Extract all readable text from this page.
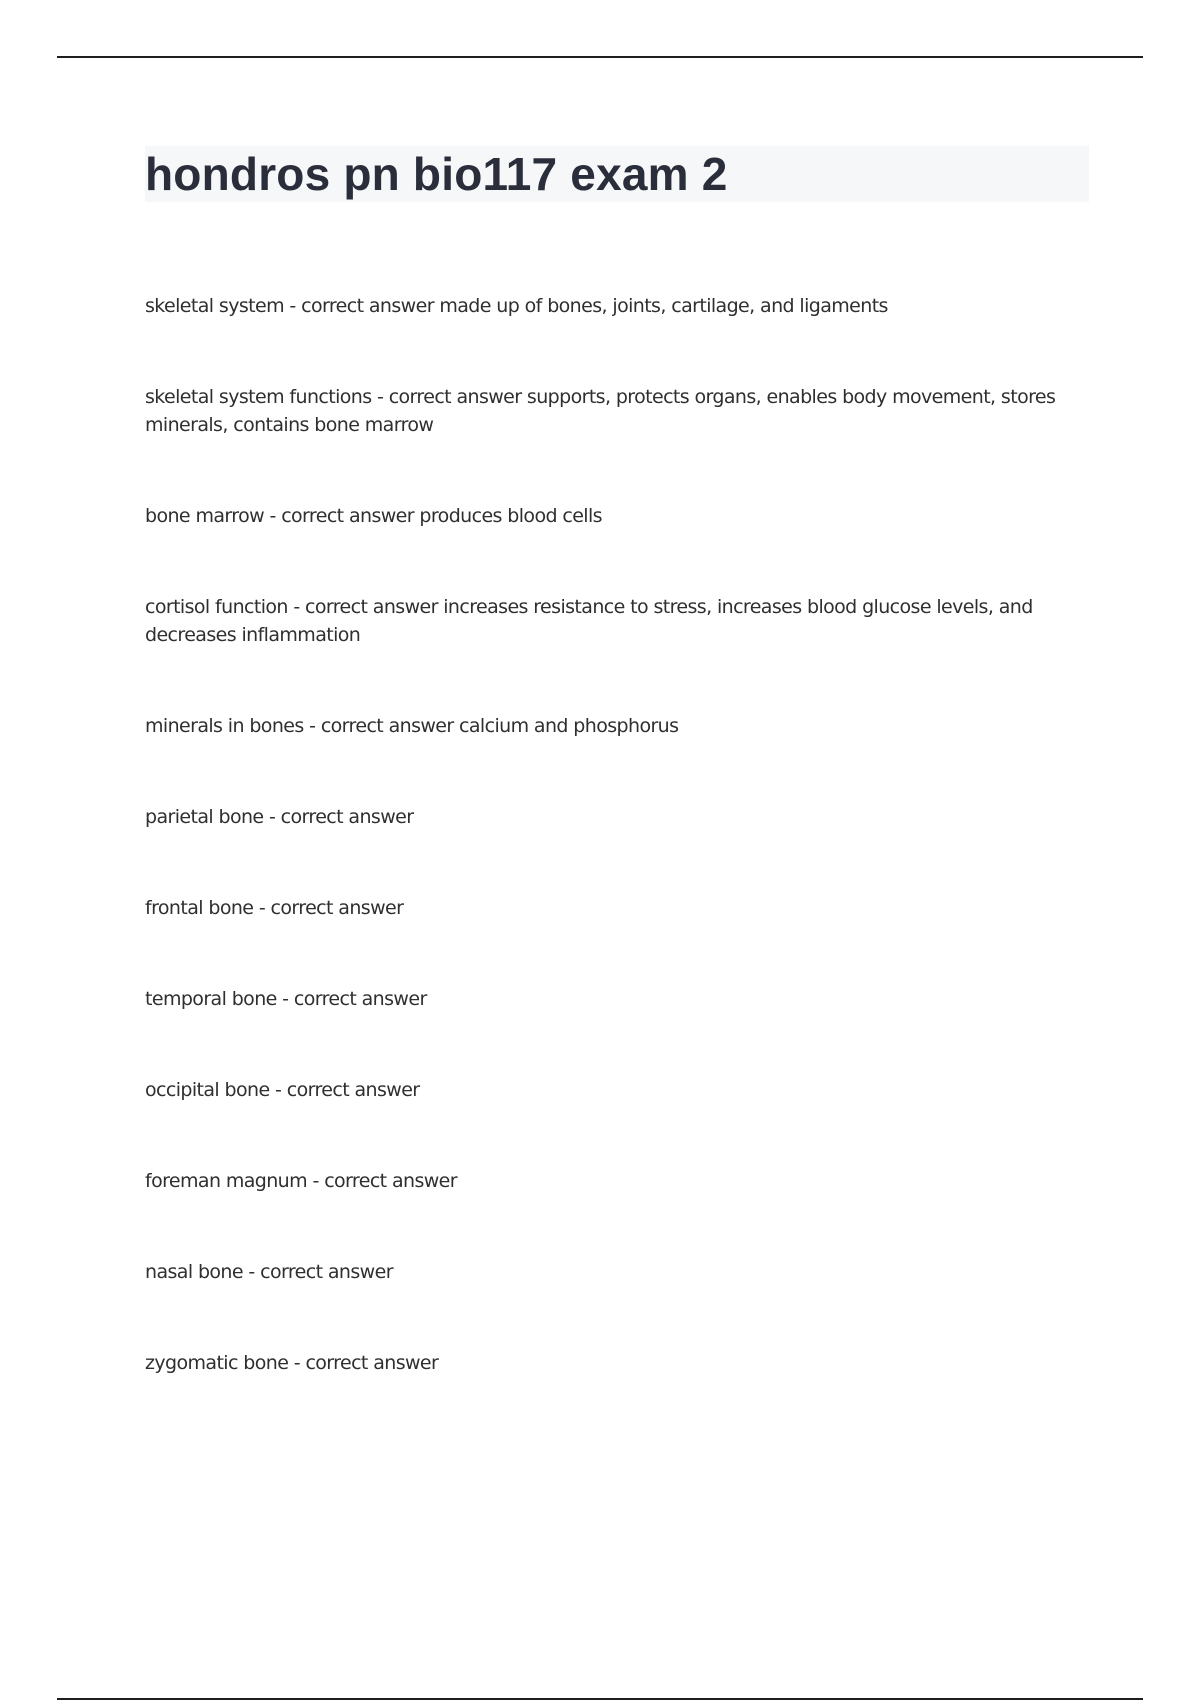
hondros pn bio117 exam 2
skeletal system - correct answer made up of bones, joints, cartilage, and ligaments
skeletal system functions - correct answer supports, protects organs, enables body movement, stores minerals, contains bone marrow
bone marrow - correct answer produces blood cells
cortisol function - correct answer increases resistance to stress, increases blood glucose levels, and decreases inflammation
minerals in bones - correct answer calcium and phosphorus
parietal bone - correct answer
frontal bone - correct answer
temporal bone - correct answer
occipital bone - correct answer
foreman magnum - correct answer
nasal bone - correct answer
zygomatic bone - correct answer
